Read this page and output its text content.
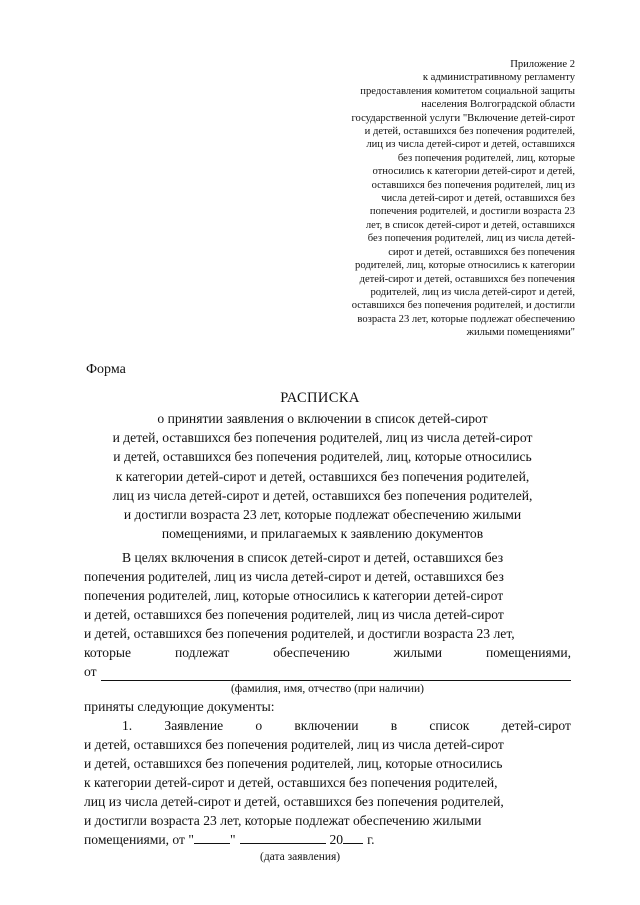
Приложение 2
к административному регламенту
предоставления комитетом социальной защиты
населения Волгоградской области
государственной услуги "Включение детей-сирот
и детей, оставшихся без попечения родителей,
лиц из числа детей-сирот и детей, оставшихся
без попечения родителей, лиц, которые
относились к категории детей-сирот и детей,
оставшихся без попечения родителей, лиц из
числа детей-сирот и детей, оставшихся без
попечения родителей, и достигли возраста 23
лет, в список детей-сирот и детей, оставшихся
без попечения родителей, лиц из числа детей-
сирот и детей, оставшихся без попечения
родителей, лиц, которые относились к категории
детей-сирот и детей, оставшихся без попечения
родителей, лиц из числа детей-сирот и детей,
оставшихся без попечения родителей, и достигли
возраста 23 лет, которые подлежат обеспечению
жилыми помещениями"
Форма
РАСПИСКА
о принятии заявления о включении в список детей-сирот
и детей, оставшихся без попечения родителей, лиц из числа детей-сирот
и детей, оставшихся без попечения родителей, лиц, которые относились
к категории детей-сирот и детей, оставшихся без попечения родителей,
лиц из числа детей-сирот и детей, оставшихся без попечения родителей,
и достигли возраста 23 лет, которые подлежат обеспечению жилыми
помещениями, и прилагаемых к заявлению документов
В целях включения в список детей-сирот и детей, оставшихся без
попечения родителей, лиц из числа детей-сирот и детей, оставшихся без
попечения родителей, лиц, которые относились к категории детей-сирот
и детей, оставшихся без попечения родителей, лиц из числа детей-сирот
и детей, оставшихся без попечения родителей, и достигли возраста 23 лет,
которые	подлежат	обеспечению	жилыми	помещениями,
от
(фамилия, имя, отчество (при наличии)
приняты следующие документы:
1. Заявление о включении в список детей-сирот
и детей, оставшихся без попечения родителей, лиц из числа детей-сирот
и детей, оставшихся без попечения родителей, лиц, которые относились
к категории детей-сирот и детей, оставшихся без попечения родителей,
лиц из числа детей-сирот и детей, оставшихся без попечения родителей,
и достигли возраста 23 лет, которые подлежат обеспечению жилыми
помещениями, от "	"	20 г.
(дата заявления)
